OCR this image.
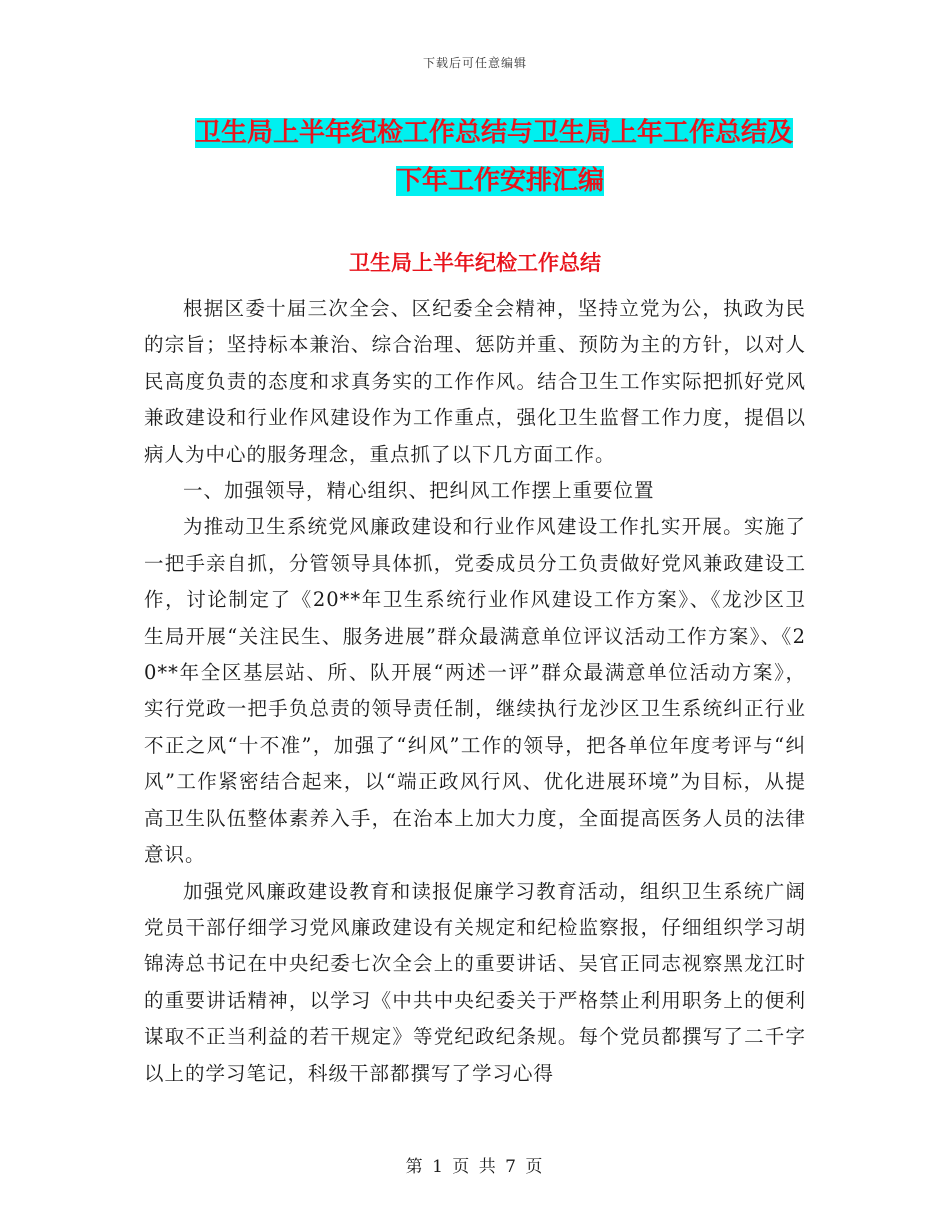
下载后可任意编辑
卫生局上半年纪检工作总结与卫生局上年工作总结及
下年工作安排汇编
卫生局上半年纪检工作总结

根据区委十届三次全会、区纪委全会精神，坚持立党为公，执政为民的宗旨；坚持标本兼治、综合治理、惩防并重、预防为主的方针，以对人民高度负责的态度和求真务实的工作作风。结合卫生工作实际把抓好党风兼政建设和行业作风建设作为工作重点，强化卫生监督工作力度，提倡以病人为中心的服务理念，重点抓了以下几方面工作。

一、加强领导，精心组织、把纠风工作摆上重要位置

为推动卫生系统党风廉政建设和行业作风建设工作扎实开展。实施了一把手亲自抓，分管领导具体抓，党委成员分工负责做好党风兼政建设工作，讨论制定了《20**年卫生系统行业作风建设工作方案》、《龙沙区卫生局开展“关注民生、服务进展”群众最满意单位评议活动工作方案》、《20**年全区基层站、所、队开展“两述一评”群众最满意单位活动方案》，实行党政一把手负总责的领导责任制，继续执行龙沙区卫生系统纠正行业不正之风“十不准”，加强了“纠风”工作的领导，把各单位年度考评与“纠风”工作紧密结合起来，以“端正政风行风、优化进展环境”为目标，从提高卫生队伍整体素养入手，在治本上加大力度，全面提高医务人员的法律意识。

加强党风廉政建设教育和读报促廉学习教育活动，组织卫生系统广阔党员干部仔细学习党风廉政建设有关规定和纪检监察报，仔细组织学习胡锦涛总书记在中央纪委七次全会上的重要讲话、吴官正同志视察黑龙江时的重要讲话精神，以学习《中共中央纪委关于严格禁止利用职务上的便利谋取不正当利益的若干规定》等党纪政纪条规。每个党员都撰写了二千字以上的学习笔记，科级干部都撰写了学习心得

第 1 页 共 7 页
